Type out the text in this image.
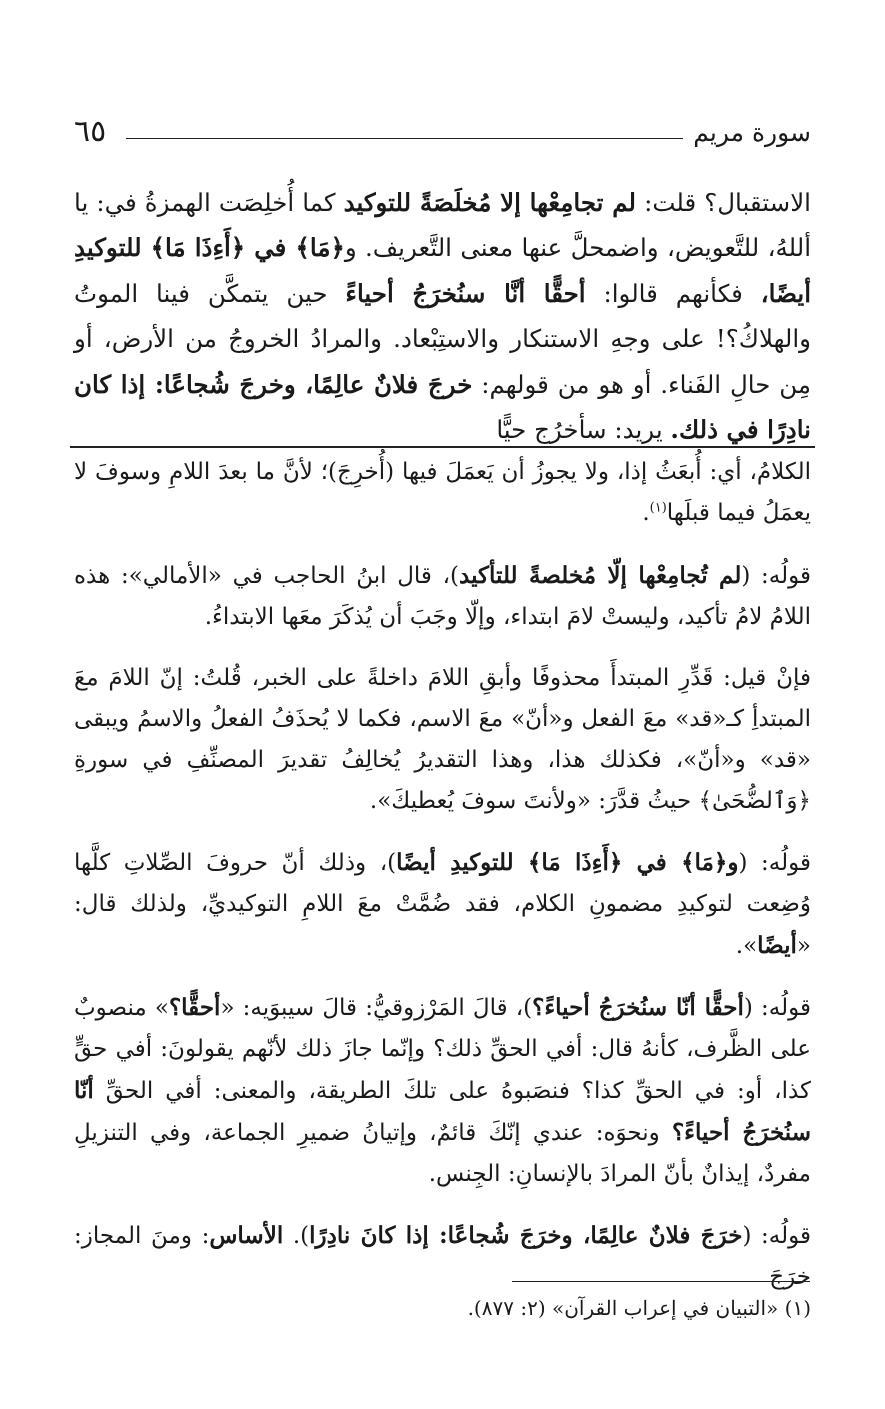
٦٥	سورة مريم

الاستقبال؟ قلت: لم تجامِعْها إلا مُخلَصَةً للتوكيد كما أُخلِصَت الهمزةُ في: يا أللهُ، للتَّعويض، واضمحلَّ عنها معنى التَّعريف. و﴿مَا﴾ في ﴿أَءِذَا مَا﴾ للتوكيدِ أيضًا، فكأنهم قالوا: أحقًّا أنَّا سنُخرَجُ أحياءً حين يتمكَّن فينا الموتُ والهلاكُ؟! على وجهِ الاستنكار والاستِبْعاد. والمرادُ الخروجُ من الأرض، أو مِن حالِ الفَناء. أو هو من قولهم: خرجَ فلانٌ عالِمًا، وخرجَ شُجاعًا: إذا كان نادِرًا في ذلك. يريد: سأخرُج حيًّا

الكلامُ، أي: أُبعَثُ إذا، ولا يجوزُ أن يَعمَلَ فيها (أُخرِجَ)؛ لأنَّ ما بعدَ اللامِ وسوفَ لا يعمَلُ فيما قبلَها$^{(١)}$.

قولُه: (لم تُجامِعْها إلّا مُخلصةً للتأكيد)، قال ابنُ الحاجب في «الأمالي»: هذه اللامُ لامُ تأكيد، وليستْ لامَ ابتداء، وإلّا وجَبَ أن يُذكَرَ معَها الابتداءُ.

فإنْ قيل: قَدِّرِ المبتدأَ محذوفًا وأبقِ اللامَ داخلةً على الخبر، قُلتُ: إنّ اللامَ معَ المبتدأِ كـ«قد» معَ الفعل و«أنّ» معَ الاسم، فكما لا يُحذَفُ الفعلُ والاسمُ ويبقى «قد» و«أنّ»، فكذلك هذا، وهذا التقديرُ يُخالِفُ تقديرَ المصنِّفِ في سورةِ ﴿وَٱلضُّحَىٰ﴾ حيثُ قدَّرَ: «ولأنتَ سوفَ يُعطيكَ».

قولُه: (و﴿مَا﴾ في ﴿أَءِذَا مَا﴾ للتوكيدِ أيضًا)، وذلك أنّ حروفَ الصِّلاتِ كلَّها وُضِعت لتوكيدِ مضمونِ الكلام، فقد ضُمَّتْ معَ اللامِ التوكيديِّ، ولذلك قال: «أيضًا».

قولُه: (أحقًّا أنّا سنُخرَجُ أحياءً؟)، قالَ المَرْزوقيُّ: قالَ سيبوَيه: «أحقًّا؟» منصوبٌ على الظَّرف، كأنهُ قال: أفي الحقِّ ذلك؟ وإنّما جازَ ذلك لأنّهم يقولونَ: أفي حقٍّ كذا، أو: في الحقِّ كذا؟ فنصَبوهُ على تلكَ الطريقة، والمعنى: أفي الحقِّ أنّا سنُخرَجُ أحياءً؟ ونحوَه: عندي إنّكَ قائمٌ، وإتيانُ ضميرِ الجماعة، وفي التنزيلِ مفردٌ، إيذانٌ بأنّ المرادَ بالإنسانِ: الجِنس.

قولُه: (خرَجَ فلانٌ عالِمًا، وخرَجَ شُجاعًا: إذا كانَ نادِرًا). الأساس: ومنَ المجاز: خرَجَ

(١) «التبيان في إعراب القرآن» (٢: ٨٧٧).
